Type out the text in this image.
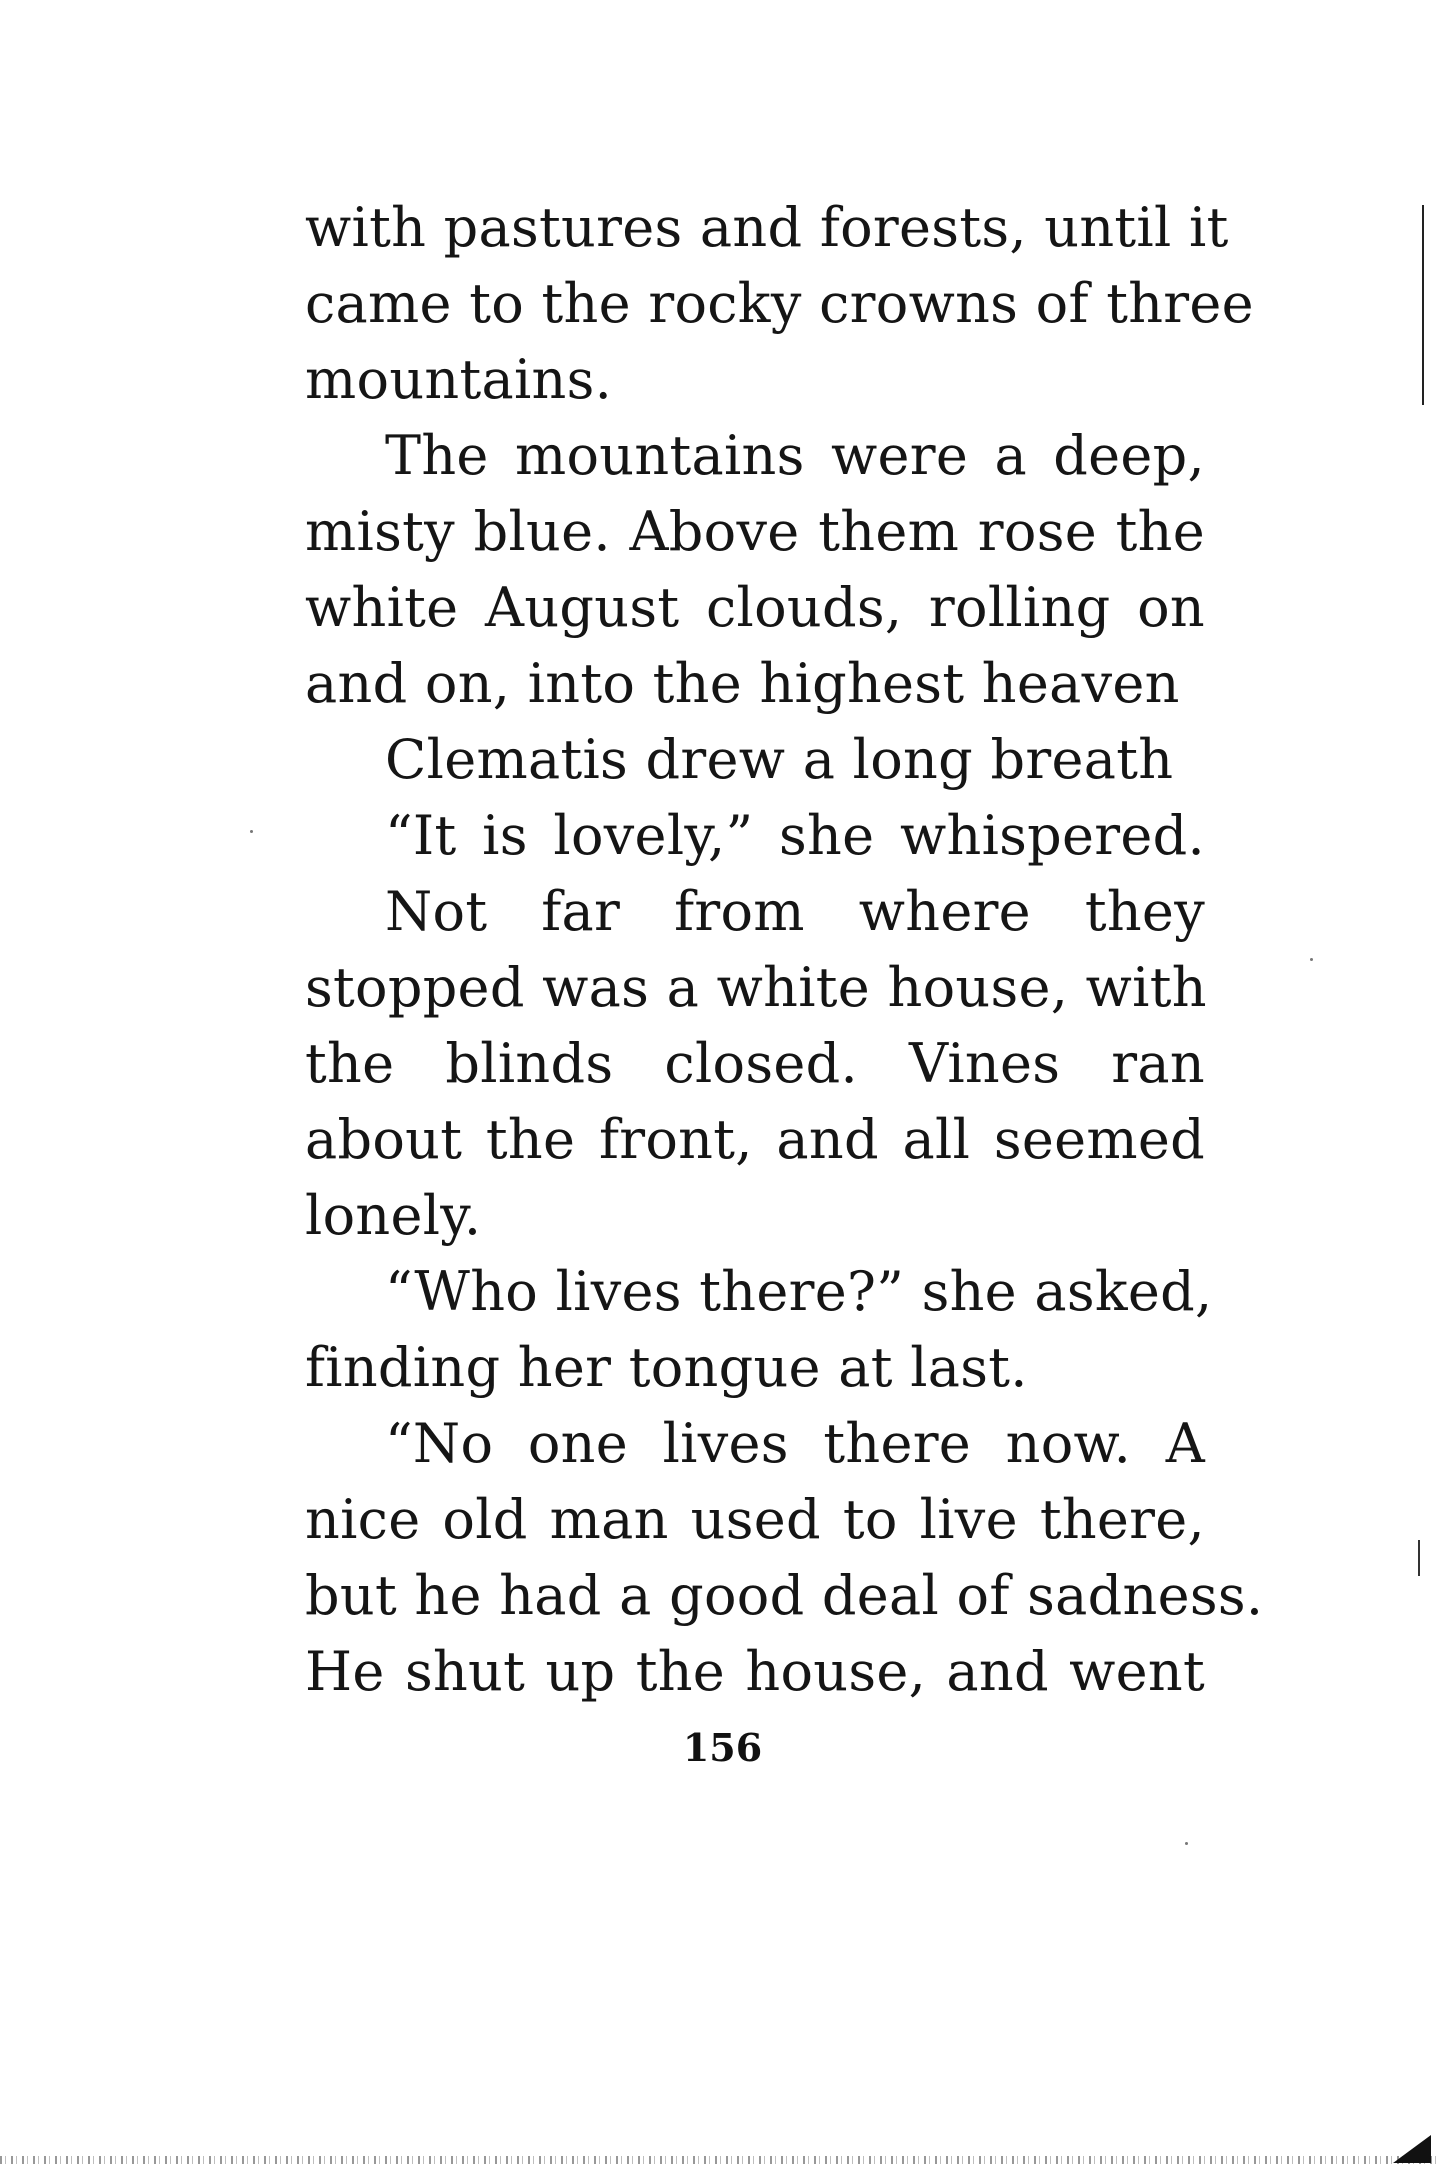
with pastures and forests, until it
came to the rocky crowns of three
mountains.
The mountains were a deep,
misty blue. Above them rose the
white August clouds, rolling on
and on, into the highest heaven
Clematis drew a long breath
“It is lovely,” she whispered.
Not far from where they
stopped was a white house, with
the blinds closed. Vines ran
about the front, and all seemed
lonely.
“Who lives there?” she asked,
finding her tongue at last.
“No one lives there now. A
nice old man used to live there,
but he had a good deal of sadness.
He shut up the house, and went
156
